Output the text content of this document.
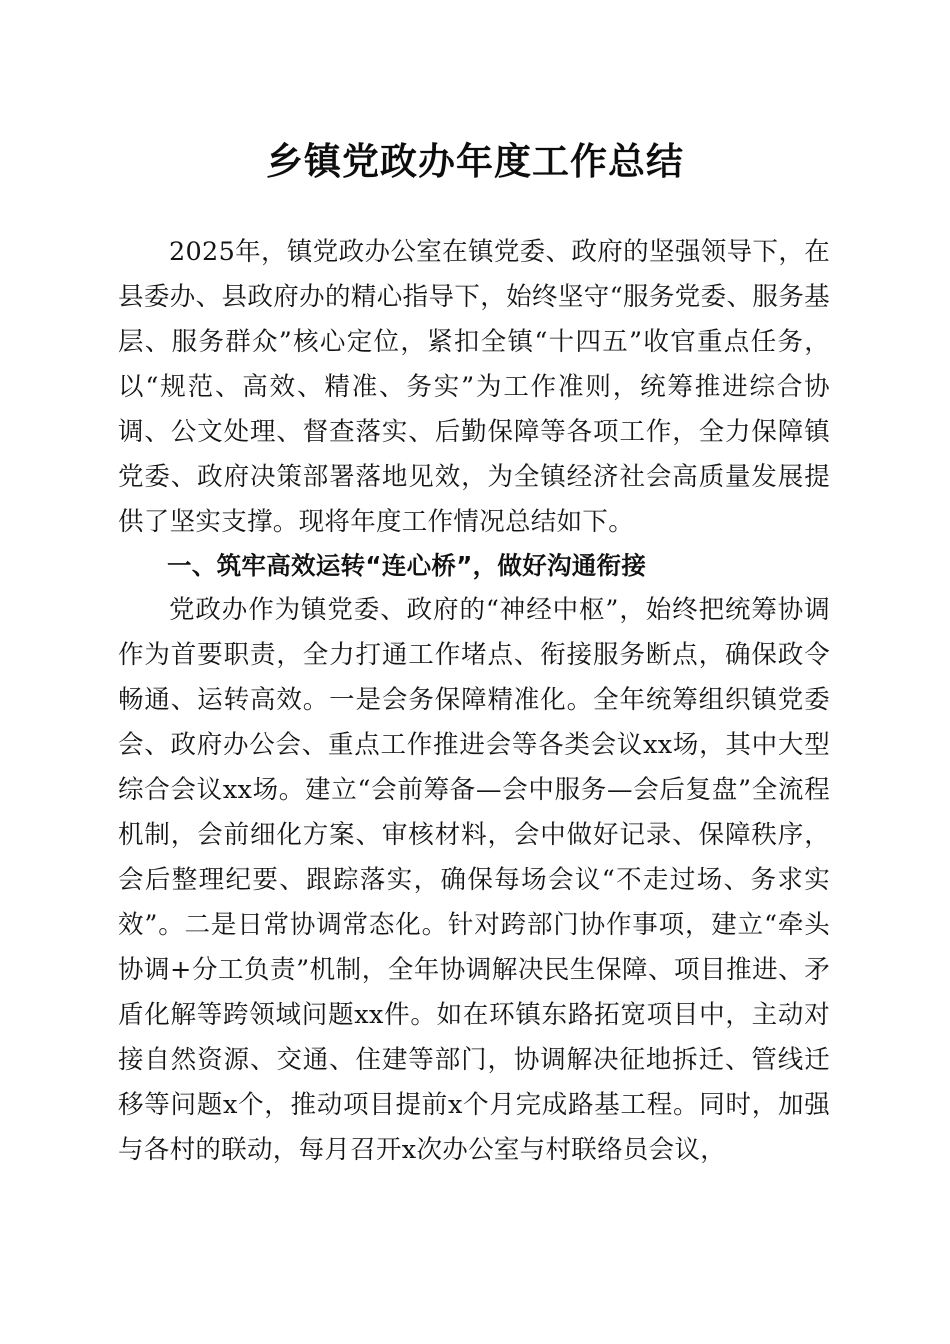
乡镇党政办年度工作总结

2025年，镇党政办公室在镇党委、政府的坚强领导下，在县委办、县政府办的精心指导下，始终坚守“服务党委、服务基层、服务群众”核心定位，紧扣全镇“十四五”收官重点任务，以“规范、高效、精准、务实”为工作准则，统筹推进综合协调、公文处理、督查落实、后勤保障等各项工作，全力保障镇党委、政府决策部署落地见效，为全镇经济社会高质量发展提供了坚实支撑。现将年度工作情况总结如下。

一、筑牢高效运转“连心桥”，做好沟通衔接

党政办作为镇党委、政府的“神经中枢”，始终把统筹协调作为首要职责，全力打通工作堵点、衔接服务断点，确保政令畅通、运转高效。一是会务保障精准化。全年统筹组织镇党委会、政府办公会、重点工作推进会等各类会议xx场，其中大型综合会议xx场。建立“会前筹备—会中服务—会后复盘”全流程机制，会前细化方案、审核材料，会中做好记录、保障秩序，会后整理纪要、跟踪落实，确保每场会议“不走过场、务求实效”。二是日常协调常态化。针对跨部门协作事项，建立“牵头协调+分工负责”机制，全年协调解决民生保障、项目推进、矛盾化解等跨领域问题xx件。如在环镇东路拓宽项目中，主动对接自然资源、交通、住建等部门，协调解决征地拆迁、管线迁移等问题x个，推动项目提前x个月完成路基工程。同时，加强与各村的联动，每月召开x次办公室与村联络员会议，
